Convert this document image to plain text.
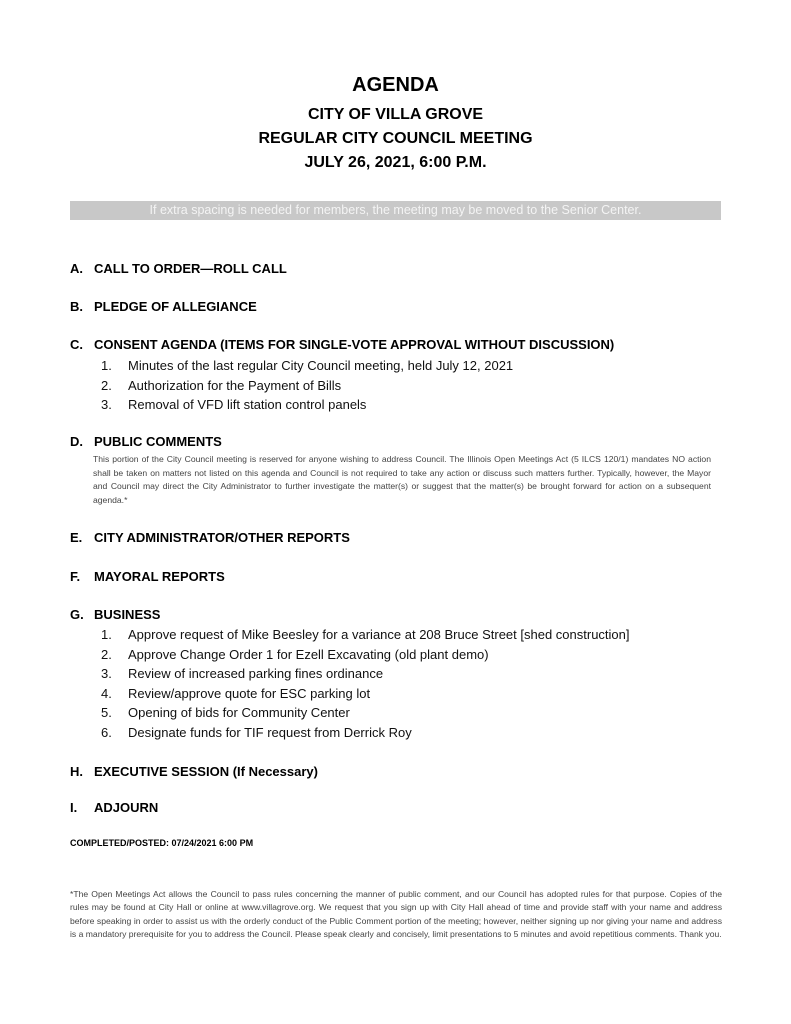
AGENDA
CITY OF VILLA GROVE
REGULAR CITY COUNCIL MEETING
JULY 26, 2021, 6:00 P.M.
If extra spacing is needed for members, the meeting may be moved to the Senior Center.
A. CALL TO ORDER—ROLL CALL
B. PLEDGE OF ALLEGIANCE
C. CONSENT AGENDA (ITEMS FOR SINGLE-VOTE APPROVAL WITHOUT DISCUSSION)
1. Minutes of the last regular City Council meeting, held July 12, 2021
2. Authorization for the Payment of Bills
3. Removal of VFD lift station control panels
D. PUBLIC COMMENTS
This portion of the City Council meeting is reserved for anyone wishing to address Council. The Illinois Open Meetings Act (5 ILCS 120/1) mandates NO action shall be taken on matters not listed on this agenda and Council is not required to take any action or discuss such matters further. Typically, however, the Mayor and Council may direct the City Administrator to further investigate the matter(s) or suggest that the matter(s) be brought forward for action on a subsequent agenda.*
E. CITY ADMINISTRATOR/OTHER REPORTS
F. MAYORAL REPORTS
G. BUSINESS
1. Approve request of Mike Beesley for a variance at 208 Bruce Street [shed construction]
2. Approve Change Order 1 for Ezell Excavating (old plant demo)
3. Review of increased parking fines ordinance
4. Review/approve quote for ESC parking lot
5. Opening of bids for Community Center
6. Designate funds for TIF request from Derrick Roy
H. EXECUTIVE SESSION (If Necessary)
I. ADJOURN
COMPLETED/POSTED: 07/24/2021 6:00 PM
*The Open Meetings Act allows the Council to pass rules concerning the manner of public comment, and our Council has adopted rules for that purpose. Copies of the rules may be found at City Hall or online at www.villagrove.org. We request that you sign up with City Hall ahead of time and provide staff with your name and address before speaking in order to assist us with the orderly conduct of the Public Comment portion of the meeting; however, neither signing up nor giving your name and address is a mandatory prerequisite for you to address the Council. Please speak clearly and concisely, limit presentations to 5 minutes and avoid repetitious comments. Thank you.
